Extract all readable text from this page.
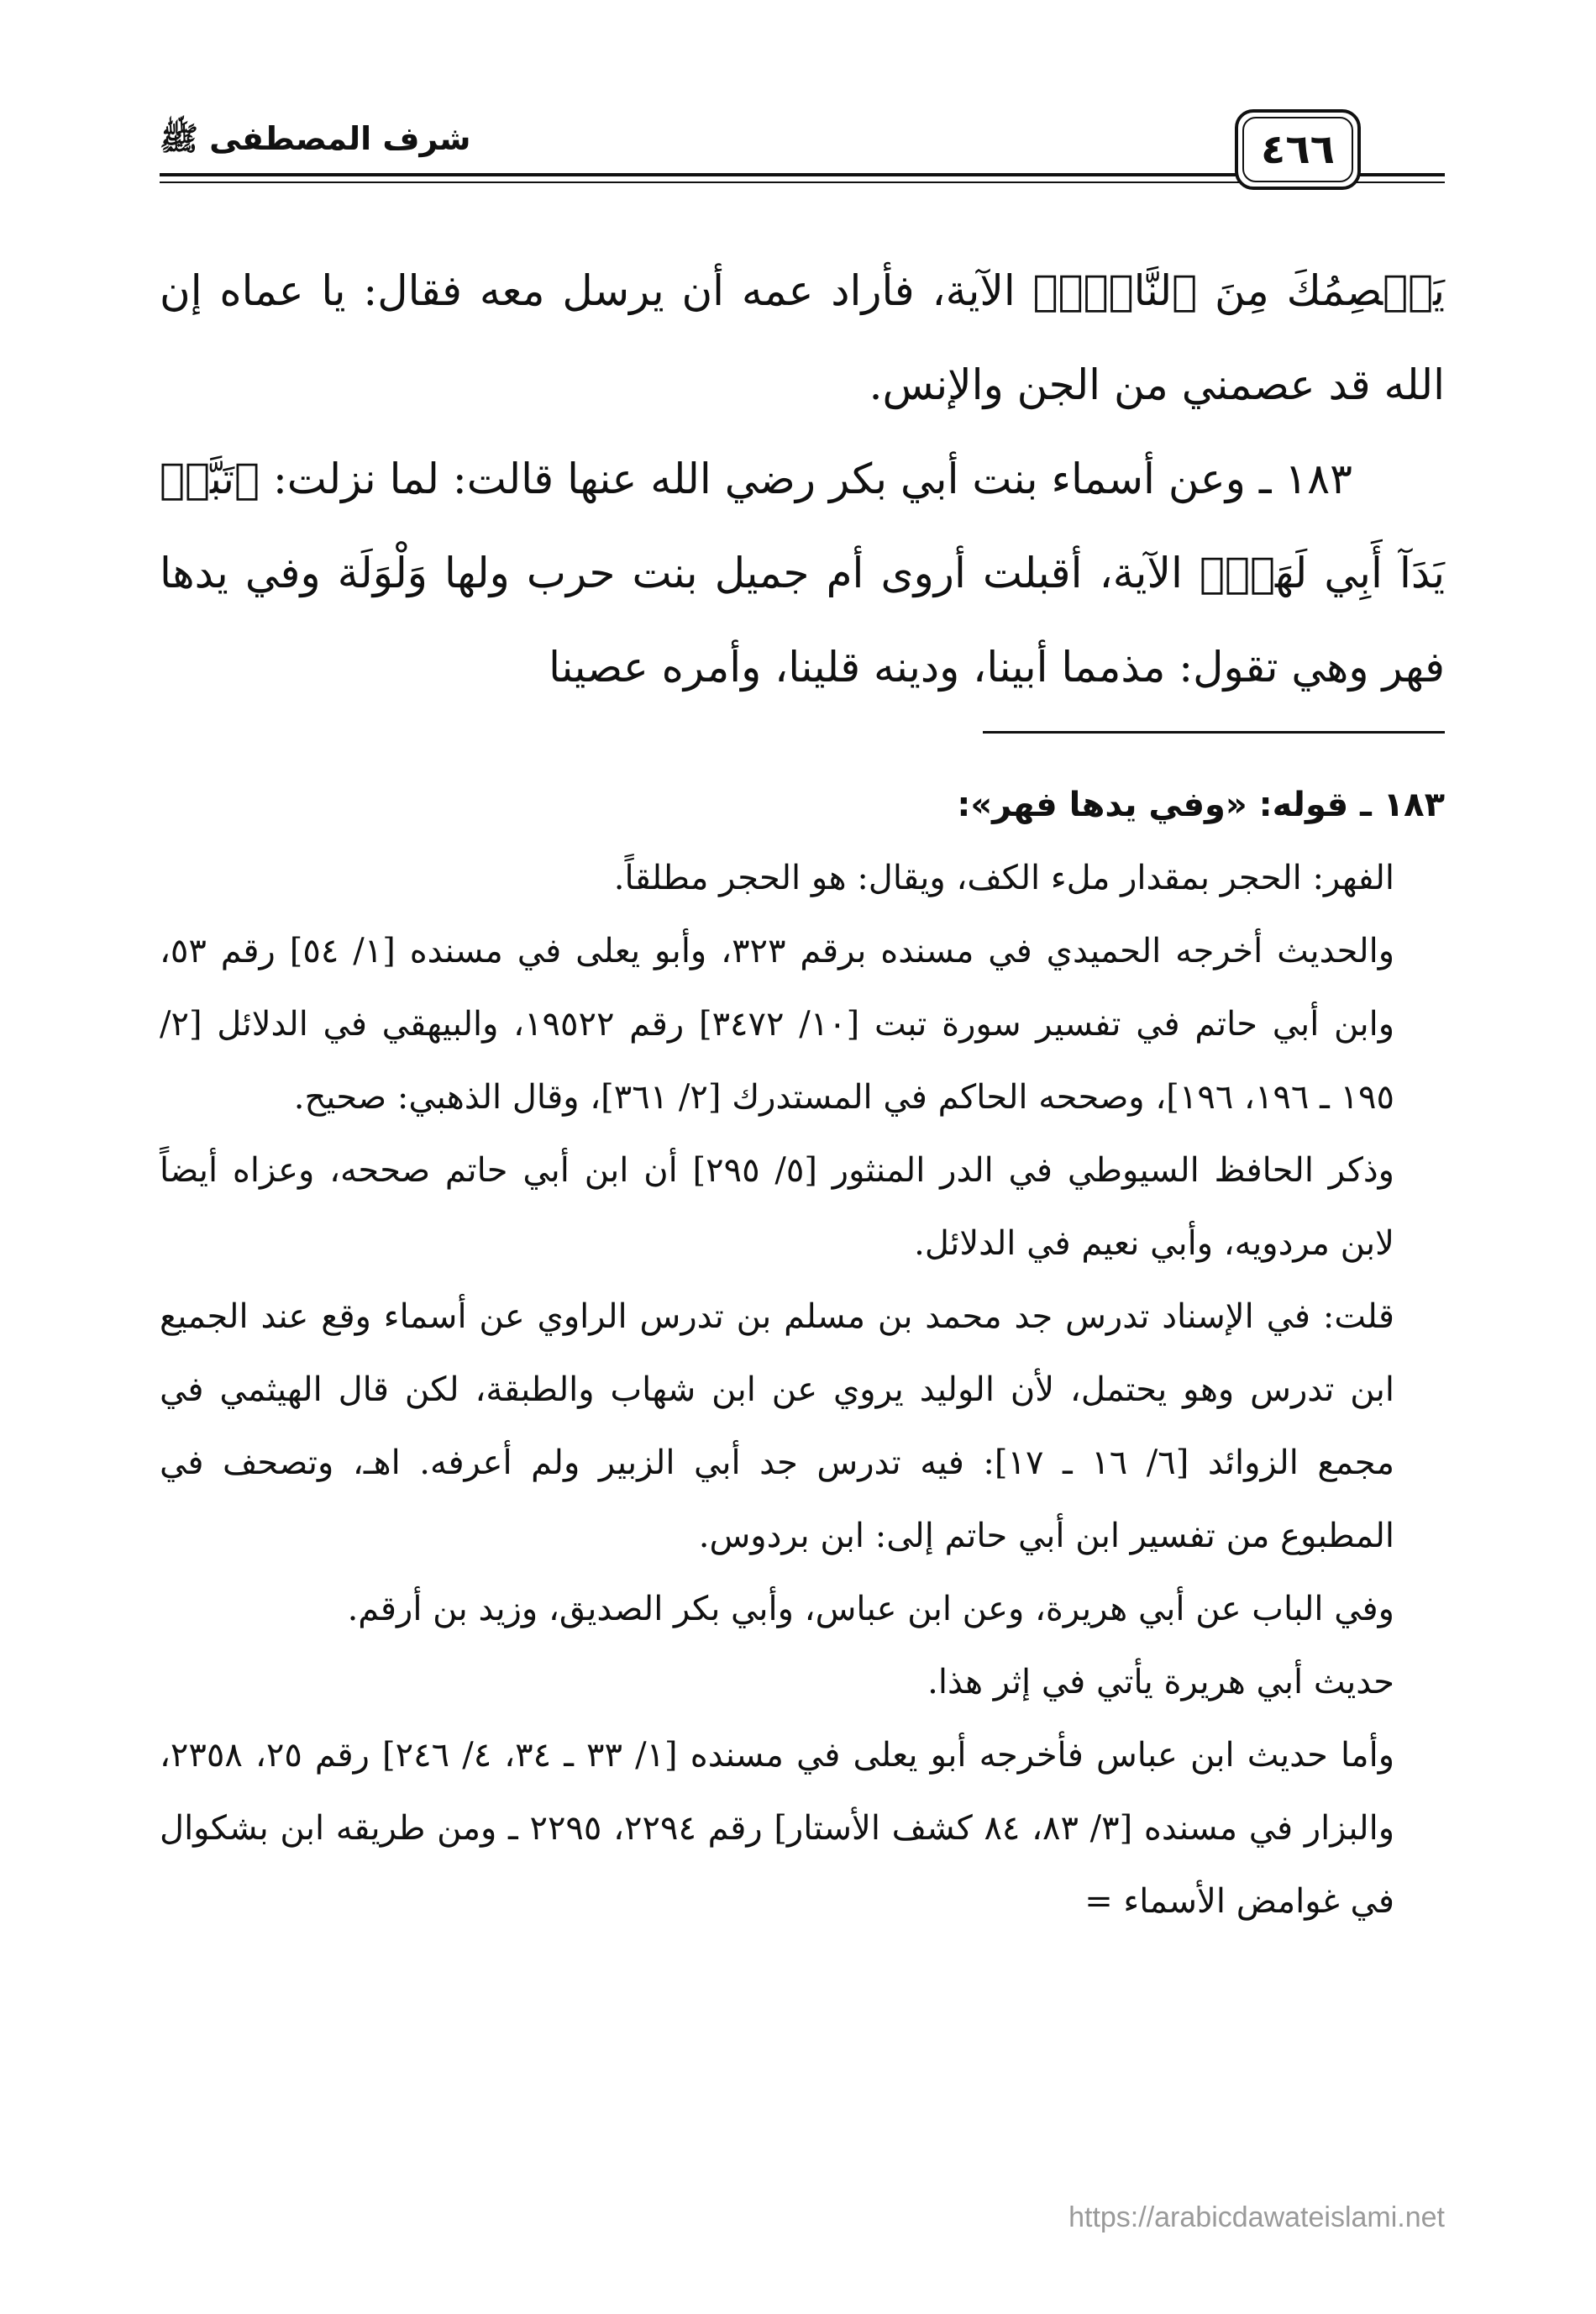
شرف المصطفى ﷺ	٤٦٦

يَعۡصِمُكَ مِنَ ٱلنَّاسِۗ﴾ الآية، فأراد عمه أن يرسل معه فقال: يا عماه إن الله قد عصمني من الجن والإنس.

١٨٣ ـ وعن أسماء بنت أبي بكر رضي الله عنها قالت: لما نزلت: ﴿تَبَّتۡ يَدَآ أَبِي لَهَبٖ﴾ الآية، أقبلت أروى أم جميل بنت حرب ولها وَلْوَلَة وفي يدها فهر وهي تقول: مذمما أبينا، ودينه قلينا، وأمره عصينا

١٨٣ ـ قوله: «وفي يدها فهر»:

الفهر: الحجر بمقدار ملء الكف، ويقال: هو الحجر مطلقاً.

والحديث أخرجه الحميدي في مسنده برقم ٣٢٣، وأبو يعلى في مسنده [١/ ٥٤] رقم ٥٣، وابن أبي حاتم في تفسير سورة تبت [١٠/ ٣٤٧٢] رقم ١٩٥٢٢، والبيهقي في الدلائل [٢/ ١٩٥ ـ ١٩٦، ١٩٦]، وصححه الحاكم في المستدرك [٢/ ٣٦١]، وقال الذهبي: صحيح.

وذكر الحافظ السيوطي في الدر المنثور [٥/ ٢٩٥] أن ابن أبي حاتم صححه، وعزاه أيضاً لابن مردويه، وأبي نعيم في الدلائل.

قلت: في الإسناد تدرس جد محمد بن مسلم بن تدرس الراوي عن أسماء وقع عند الجميع ابن تدرس وهو يحتمل، لأن الوليد يروي عن ابن شهاب والطبقة، لكن قال الهيثمي في مجمع الزوائد [٦/ ١٦ ـ ١٧]: فيه تدرس جد أبي الزبير ولم أعرفه. اهـ، وتصحف في المطبوع من تفسير ابن أبي حاتم إلى: ابن بردوس.

وفي الباب عن أبي هريرة، وعن ابن عباس، وأبي بكر الصديق، وزيد بن أرقم.

حديث أبي هريرة يأتي في إثر هذا.

وأما حديث ابن عباس فأخرجه أبو يعلى في مسنده [١/ ٣٣ ـ ٣٤، ٤/ ٢٤٦] رقم ٢٥، ٢٣٥٨، والبزار في مسنده [٣/ ٨٣، ٨٤ كشف الأستار] رقم ٢٢٩٤، ٢٢٩٥ ـ ومن طريقه ابن بشكوال في غوامض الأسماء =

https://arabicdawateislami.net
